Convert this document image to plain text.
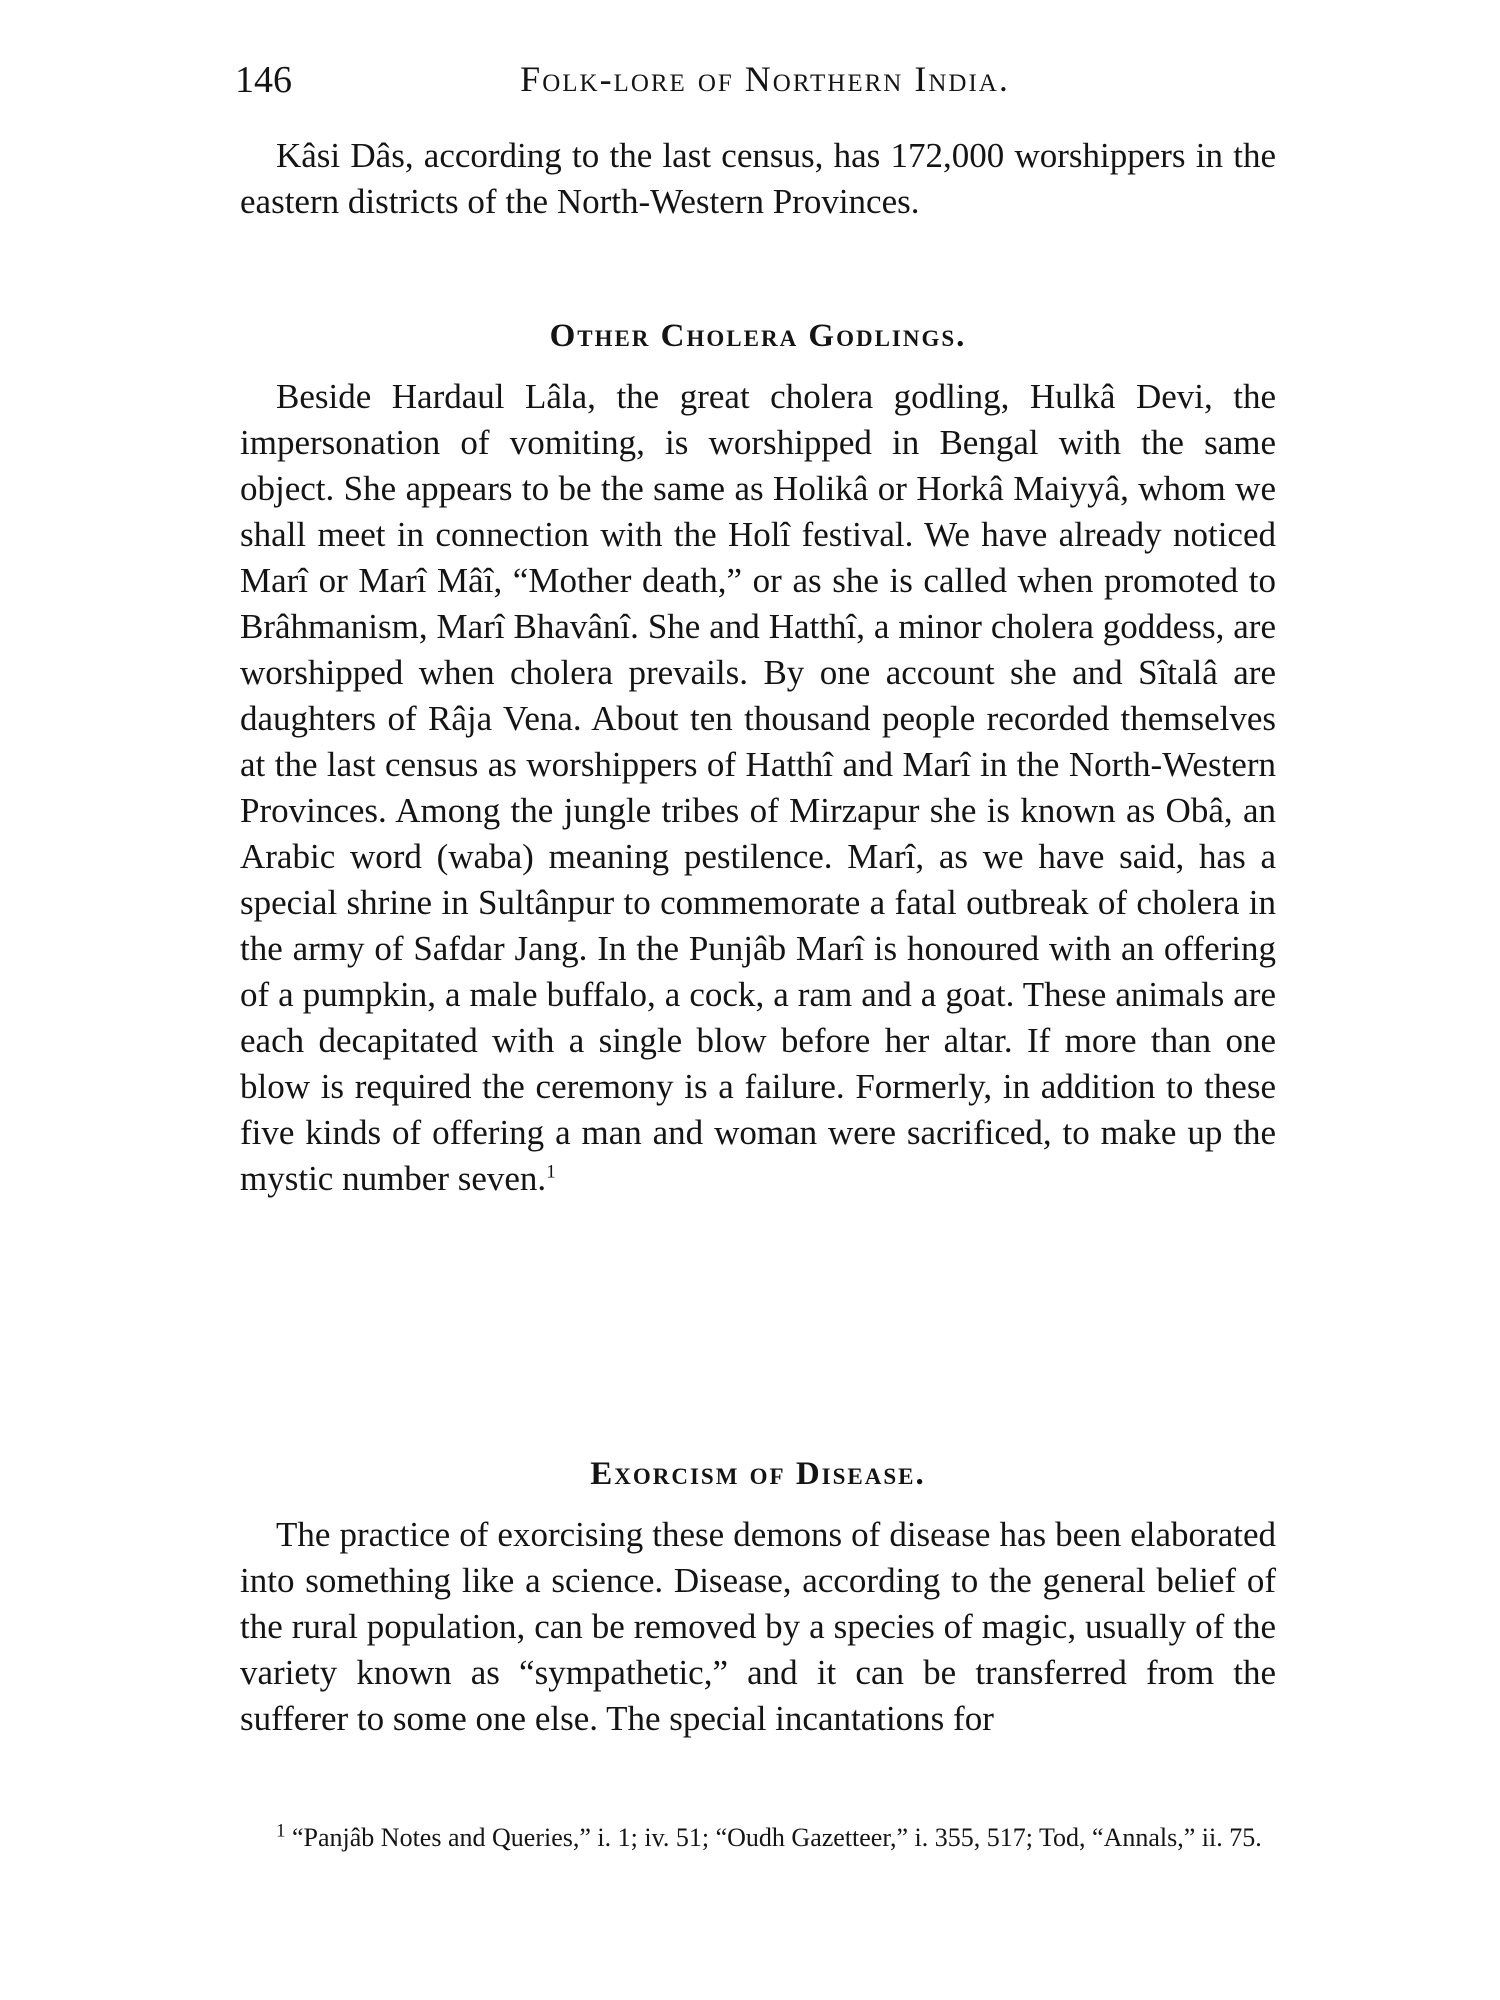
146	Folk-lore of Northern India.

Kâsi Dâs, according to the last census, has 172,000 worshippers in the eastern districts of the North-Western Provinces.

Other Cholera Godlings.

Beside Hardaul Lâla, the great cholera godling, Hulkâ Devi, the impersonation of vomiting, is worshipped in Bengal with the same object. She appears to be the same as Holikâ or Horkâ Maiyyâ, whom we shall meet in connection with the Holî festival. We have already noticed Marî or Marî Mâî, “Mother death,” or as she is called when promoted to Brâhmanism, Marî Bhavânî. She and Hatthî, a minor cholera goddess, are worshipped when cholera prevails. By one account she and Sîtalâ are daughters of Râja Vena. About ten thousand people recorded themselves at the last census as worshippers of Hatthî and Marî in the North-Western Provinces. Among the jungle tribes of Mirzapur she is known as Obâ, an Arabic word (waba) meaning pestilence. Marî, as we have said, has a special shrine in Sultânpur to commemorate a fatal outbreak of cholera in the army of Safdar Jang. In the Punjâb Marî is honoured with an offering of a pumpkin, a male buffalo, a cock, a ram and a goat. These animals are each decapitated with a single blow before her altar. If more than one blow is required the ceremony is a failure. Formerly, in addition to these five kinds of offering a man and woman were sacrificed, to make up the mystic number seven.$^1$

Exorcism of Disease.

The practice of exorcising these demons of disease has been elaborated into something like a science. Disease, according to the general belief of the rural population, can be removed by a species of magic, usually of the variety known as “sympathetic,” and it can be transferred from the sufferer to some one else. The special incantations for

$^1$ “Panjâb Notes and Queries,” i. 1; iv. 51; “Oudh Gazetteer,” i. 355, 517; Tod, “Annals,” ii. 75.
